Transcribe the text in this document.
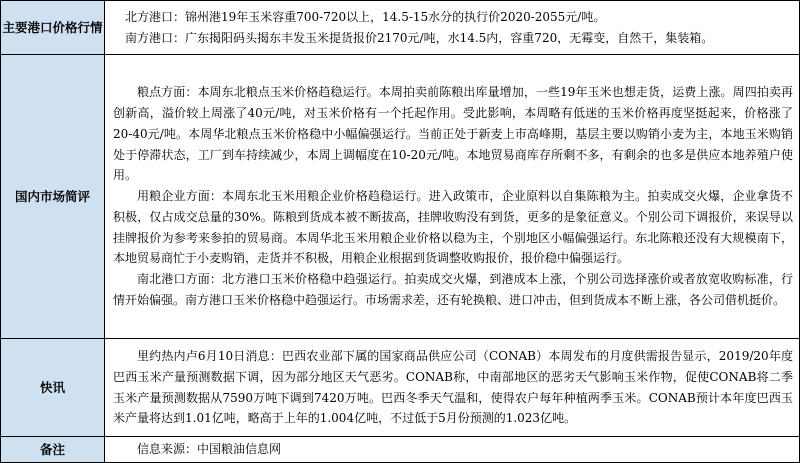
主要港口价格行情	北方港口：锦州港19年玉米容重700-720以上，14.5-15水分的执行价2020-2055元/吨。

南方港口：广东揭阳码头揭东丰发玉米提货报价2170元/吨，水14.5内，容重720，无霉变，自然干，集装箱。

国内市场简评	粮点方面：本周东北粮点玉米价格趋稳运行。本周拍卖前陈粮出库量增加，一些19年玉米也想走货，运费上涨。周四拍卖再创新高，溢价较上周涨了40元/吨，对玉米价格有一个托起作用。受此影响，本周略有低迷的玉米价格再度坚挺起来，价格涨了20-40元/吨。本周华北粮点玉米价格稳中小幅偏强运行。当前正处于新麦上市高峰期，基层主要以购销小麦为主，本地玉米购销处于停滞状态，工厂到车持续减少，本周上调幅度在10-20元/吨。本地贸易商库存所剩不多，有剩余的也多是供应本地养殖户使用。

用粮企业方面：本周东北玉米用粮企业价格趋稳运行。进入政策市，企业原料以自集陈粮为主。拍卖成交火爆，企业拿货不积极，仅占成交总量的30%。陈粮到货成本被不断拔高，挂牌收购没有到货，更多的是象征意义。个别公司下调报价，来误导以挂牌报价为参考来参拍的贸易商。本周华北玉米用粮企业价格以稳为主，个别地区小幅偏强运行。东北陈粮还没有大规模南下，本地贸易商忙于小麦购销，走货并不积极，用粮企业根据到货调整收购报价，报价稳中偏强运行。

南北港口方面：北方港口玉米价格稳中趋强运行。拍卖成交火爆，到港成本上涨，个别公司选择涨价或者放宽收购标准，行情开始偏强。南方港口玉米价格稳中趋强运行。市场需求差，还有轮换粮、进口冲击，但到货成本不断上涨，各公司借机挺价。

快讯	里约热内卢6月10日消息：巴西农业部下属的国家商品供应公司（CONAB）本周发布的月度供需报告显示，2019/20年度巴西玉米产量预测数据下调，因为部分地区天气恶劣。CONAB称，中南部地区的恶劣天气影响玉米作物，促使CONAB将二季玉米产量预测数据从7590万吨下调到7420万吨。巴西冬季天气温和，使得农户每年种植两季玉米。CONAB预计本年度巴西玉米产量将达到1.01亿吨，略高于上年的1.004亿吨，不过低于5月份预测的1.023亿吨。

备注	信息来源：中国粮油信息网
